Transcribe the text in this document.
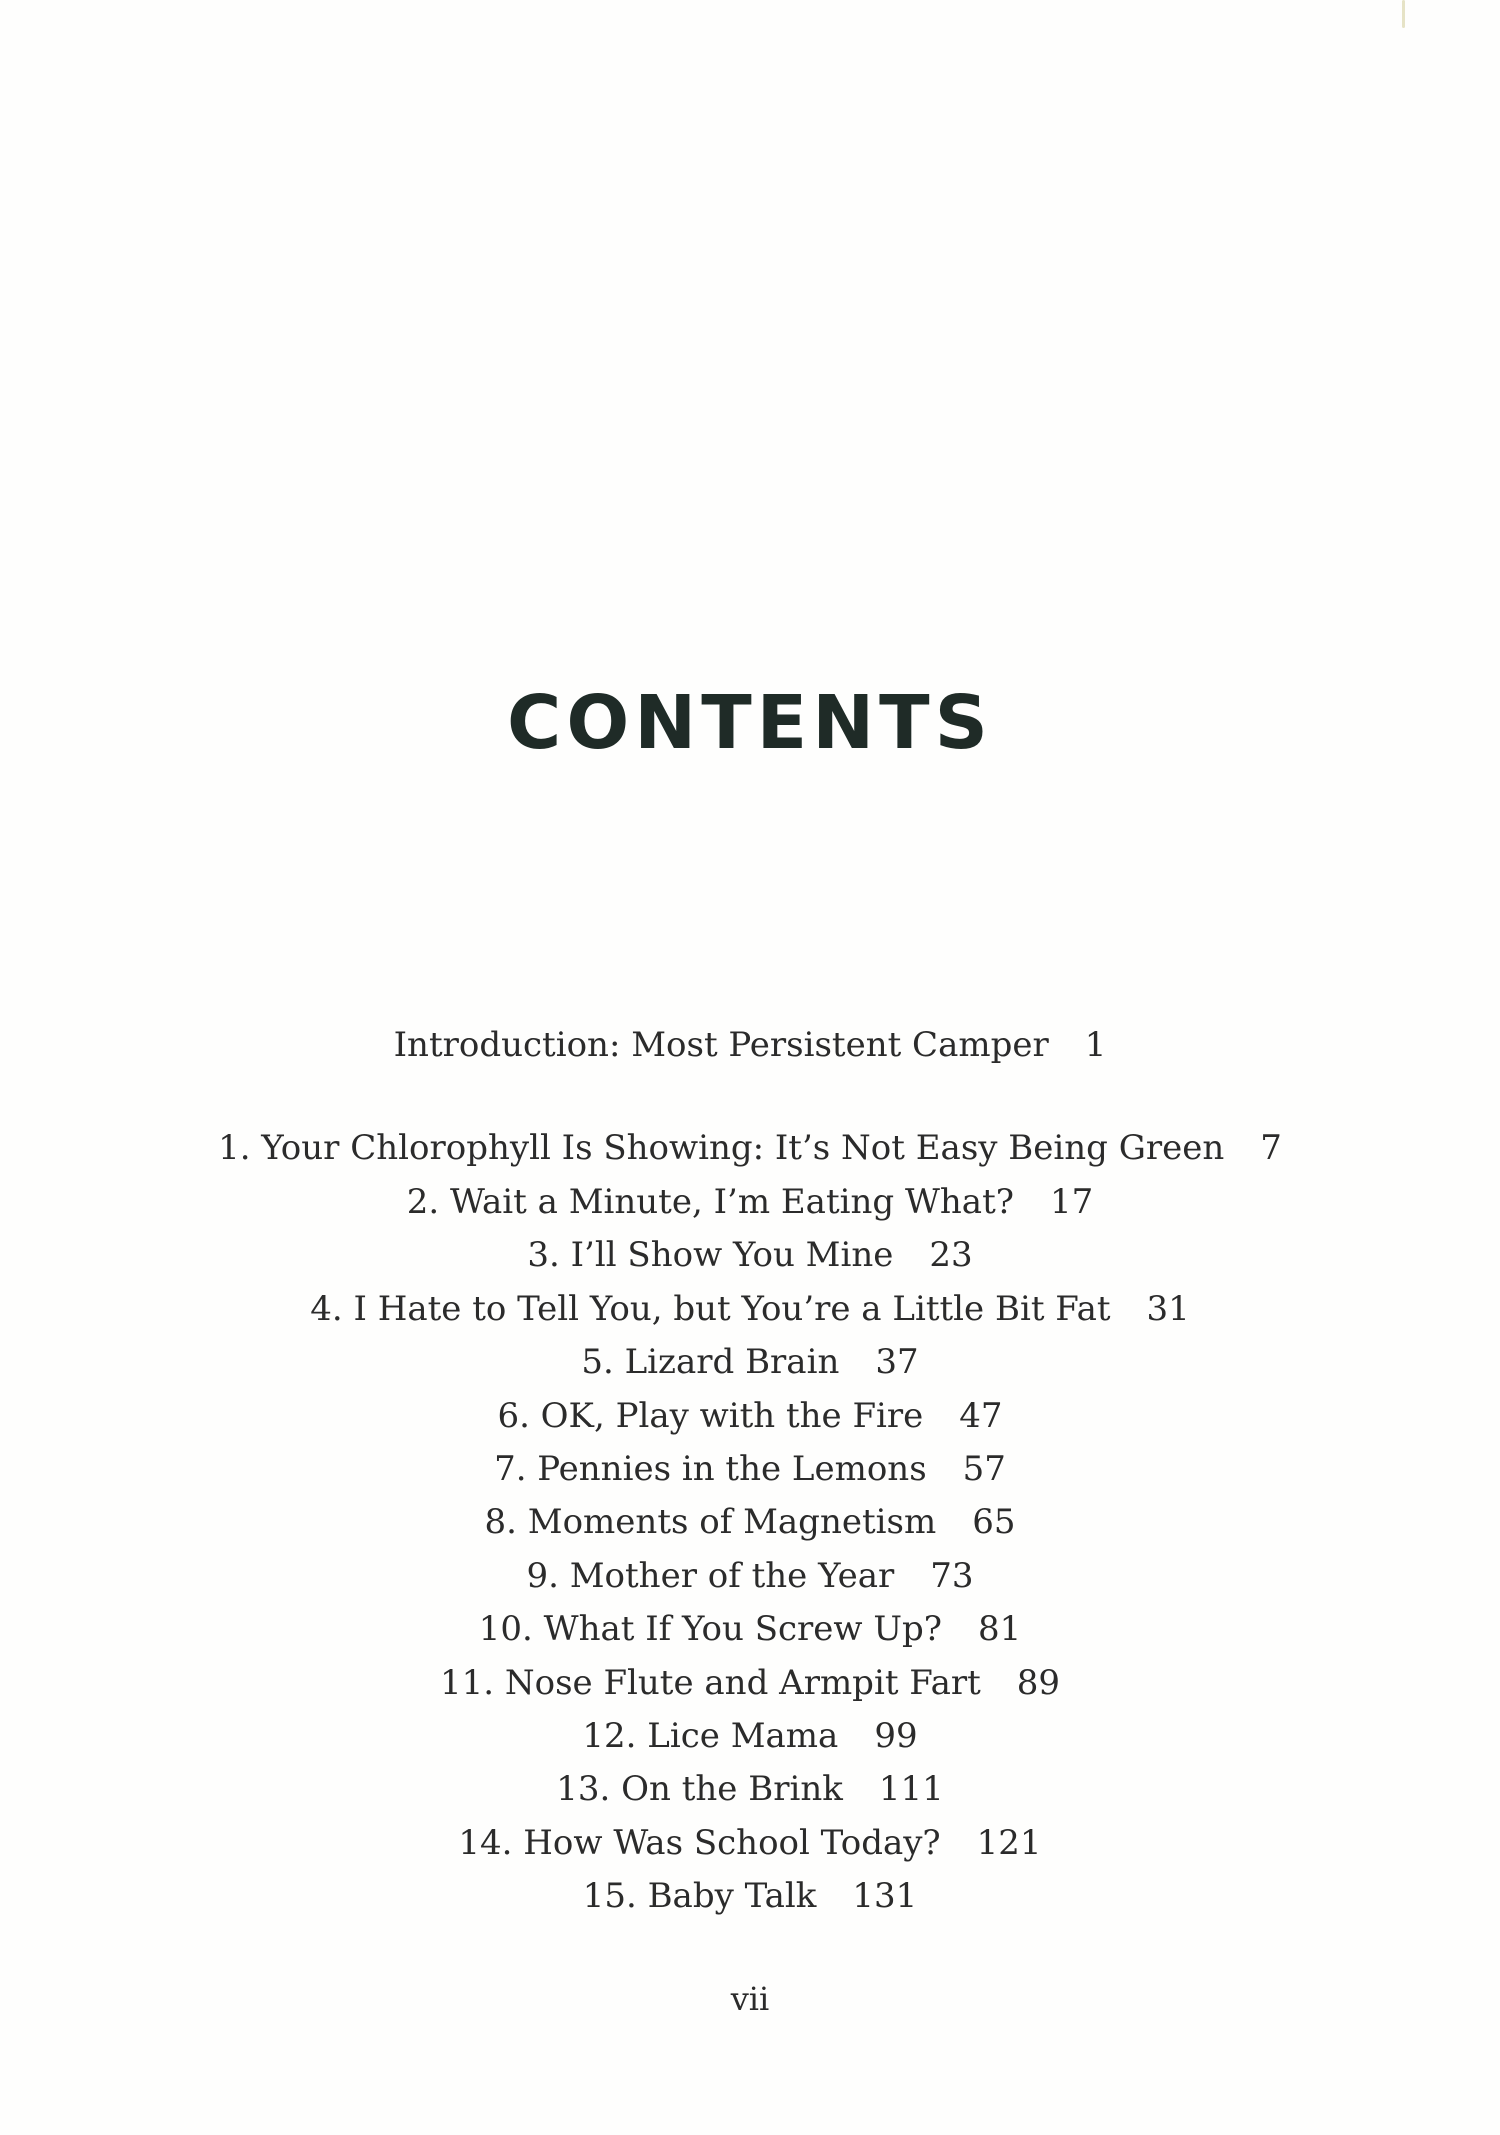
CONTENTS
Introduction: Most Persistent Camper 1
1. Your Chlorophyll Is Showing: It’s Not Easy Being Green 7
2. Wait a Minute, I’m Eating What? 17
3. I’ll Show You Mine 23
4. I Hate to Tell You, but You’re a Little Bit Fat 31
5. Lizard Brain 37
6. OK, Play with the Fire 47
7. Pennies in the Lemons 57
8. Moments of Magnetism 65
9. Mother of the Year 73
10. What If You Screw Up? 81
11. Nose Flute and Armpit Fart 89
12. Lice Mama 99
13. On the Brink 111
14. How Was School Today? 121
15. Baby Talk 131
vii
